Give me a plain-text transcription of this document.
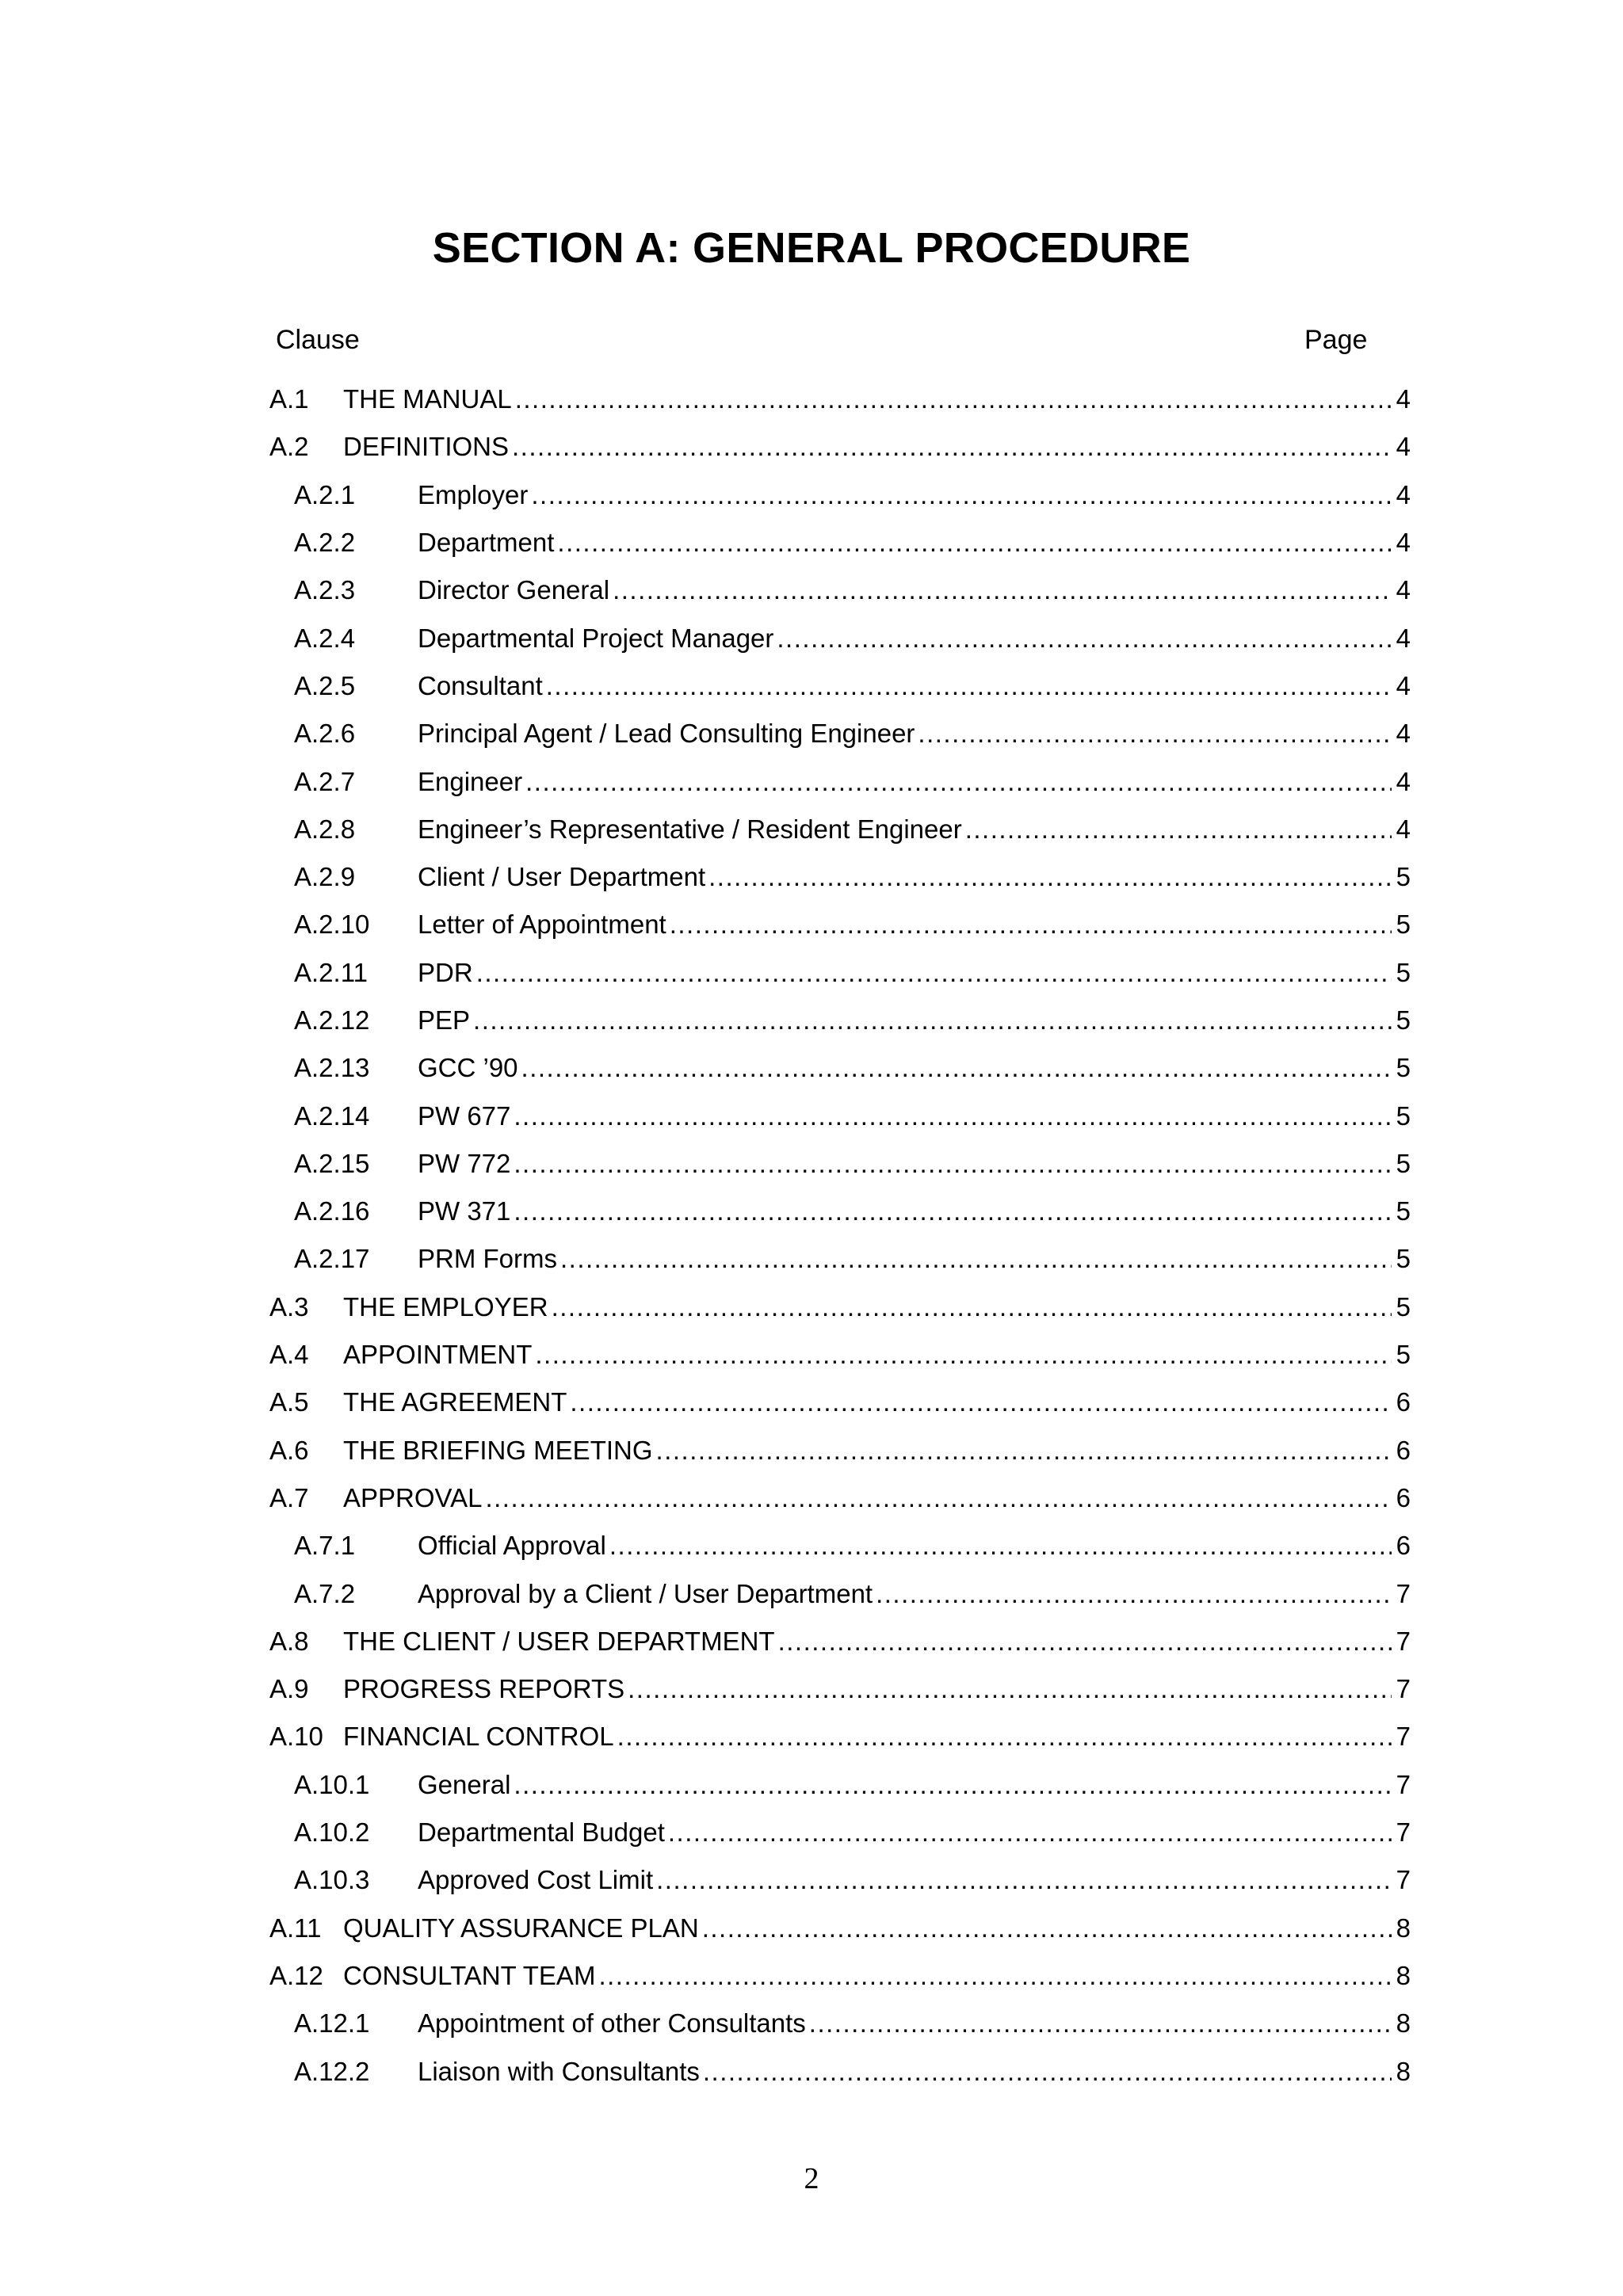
SECTION A: GENERAL PROCEDURE
Clause	Page
A.1	THE MANUAL .....	4
A.2	DEFINITIONS .....	4
A.2.1	Employer .....	4
A.2.2	Department .....	4
A.2.3	Director General .....	4
A.2.4	Departmental Project Manager .....	4
A.2.5	Consultant .....	4
A.2.6	Principal Agent / Lead Consulting Engineer .....	4
A.2.7	Engineer .....	4
A.2.8	Engineer’s Representative / Resident Engineer .....	4
A.2.9	Client / User Department .....	5
A.2.10	Letter of Appointment .....	5
A.2.11	PDR .....	5
A.2.12	PEP .....	5
A.2.13	GCC ’90 .....	5
A.2.14	PW 677 .....	5
A.2.15	PW 772 .....	5
A.2.16	PW 371 .....	5
A.2.17	PRM Forms .....	5
A.3	THE EMPLOYER .....	5
A.4	APPOINTMENT .....	5
A.5	THE AGREEMENT .....	6
A.6	THE BRIEFING MEETING .....	6
A.7	APPROVAL .....	6
A.7.1	Official Approval .....	6
A.7.2	Approval by a Client / User Department .....	7
A.8	THE CLIENT / USER DEPARTMENT .....	7
A.9	PROGRESS REPORTS .....	7
A.10 FINANCIAL CONTROL .....	7
A.10.1	General .....	7
A.10.2	Departmental Budget .....	7
A.10.3	Approved Cost Limit .....	7
A.11 QUALITY ASSURANCE PLAN .....	8
A.12 CONSULTANT TEAM .....	8
A.12.1	Appointment of other Consultants .....	8
A.12.2	Liaison with Consultants .....	8
2
